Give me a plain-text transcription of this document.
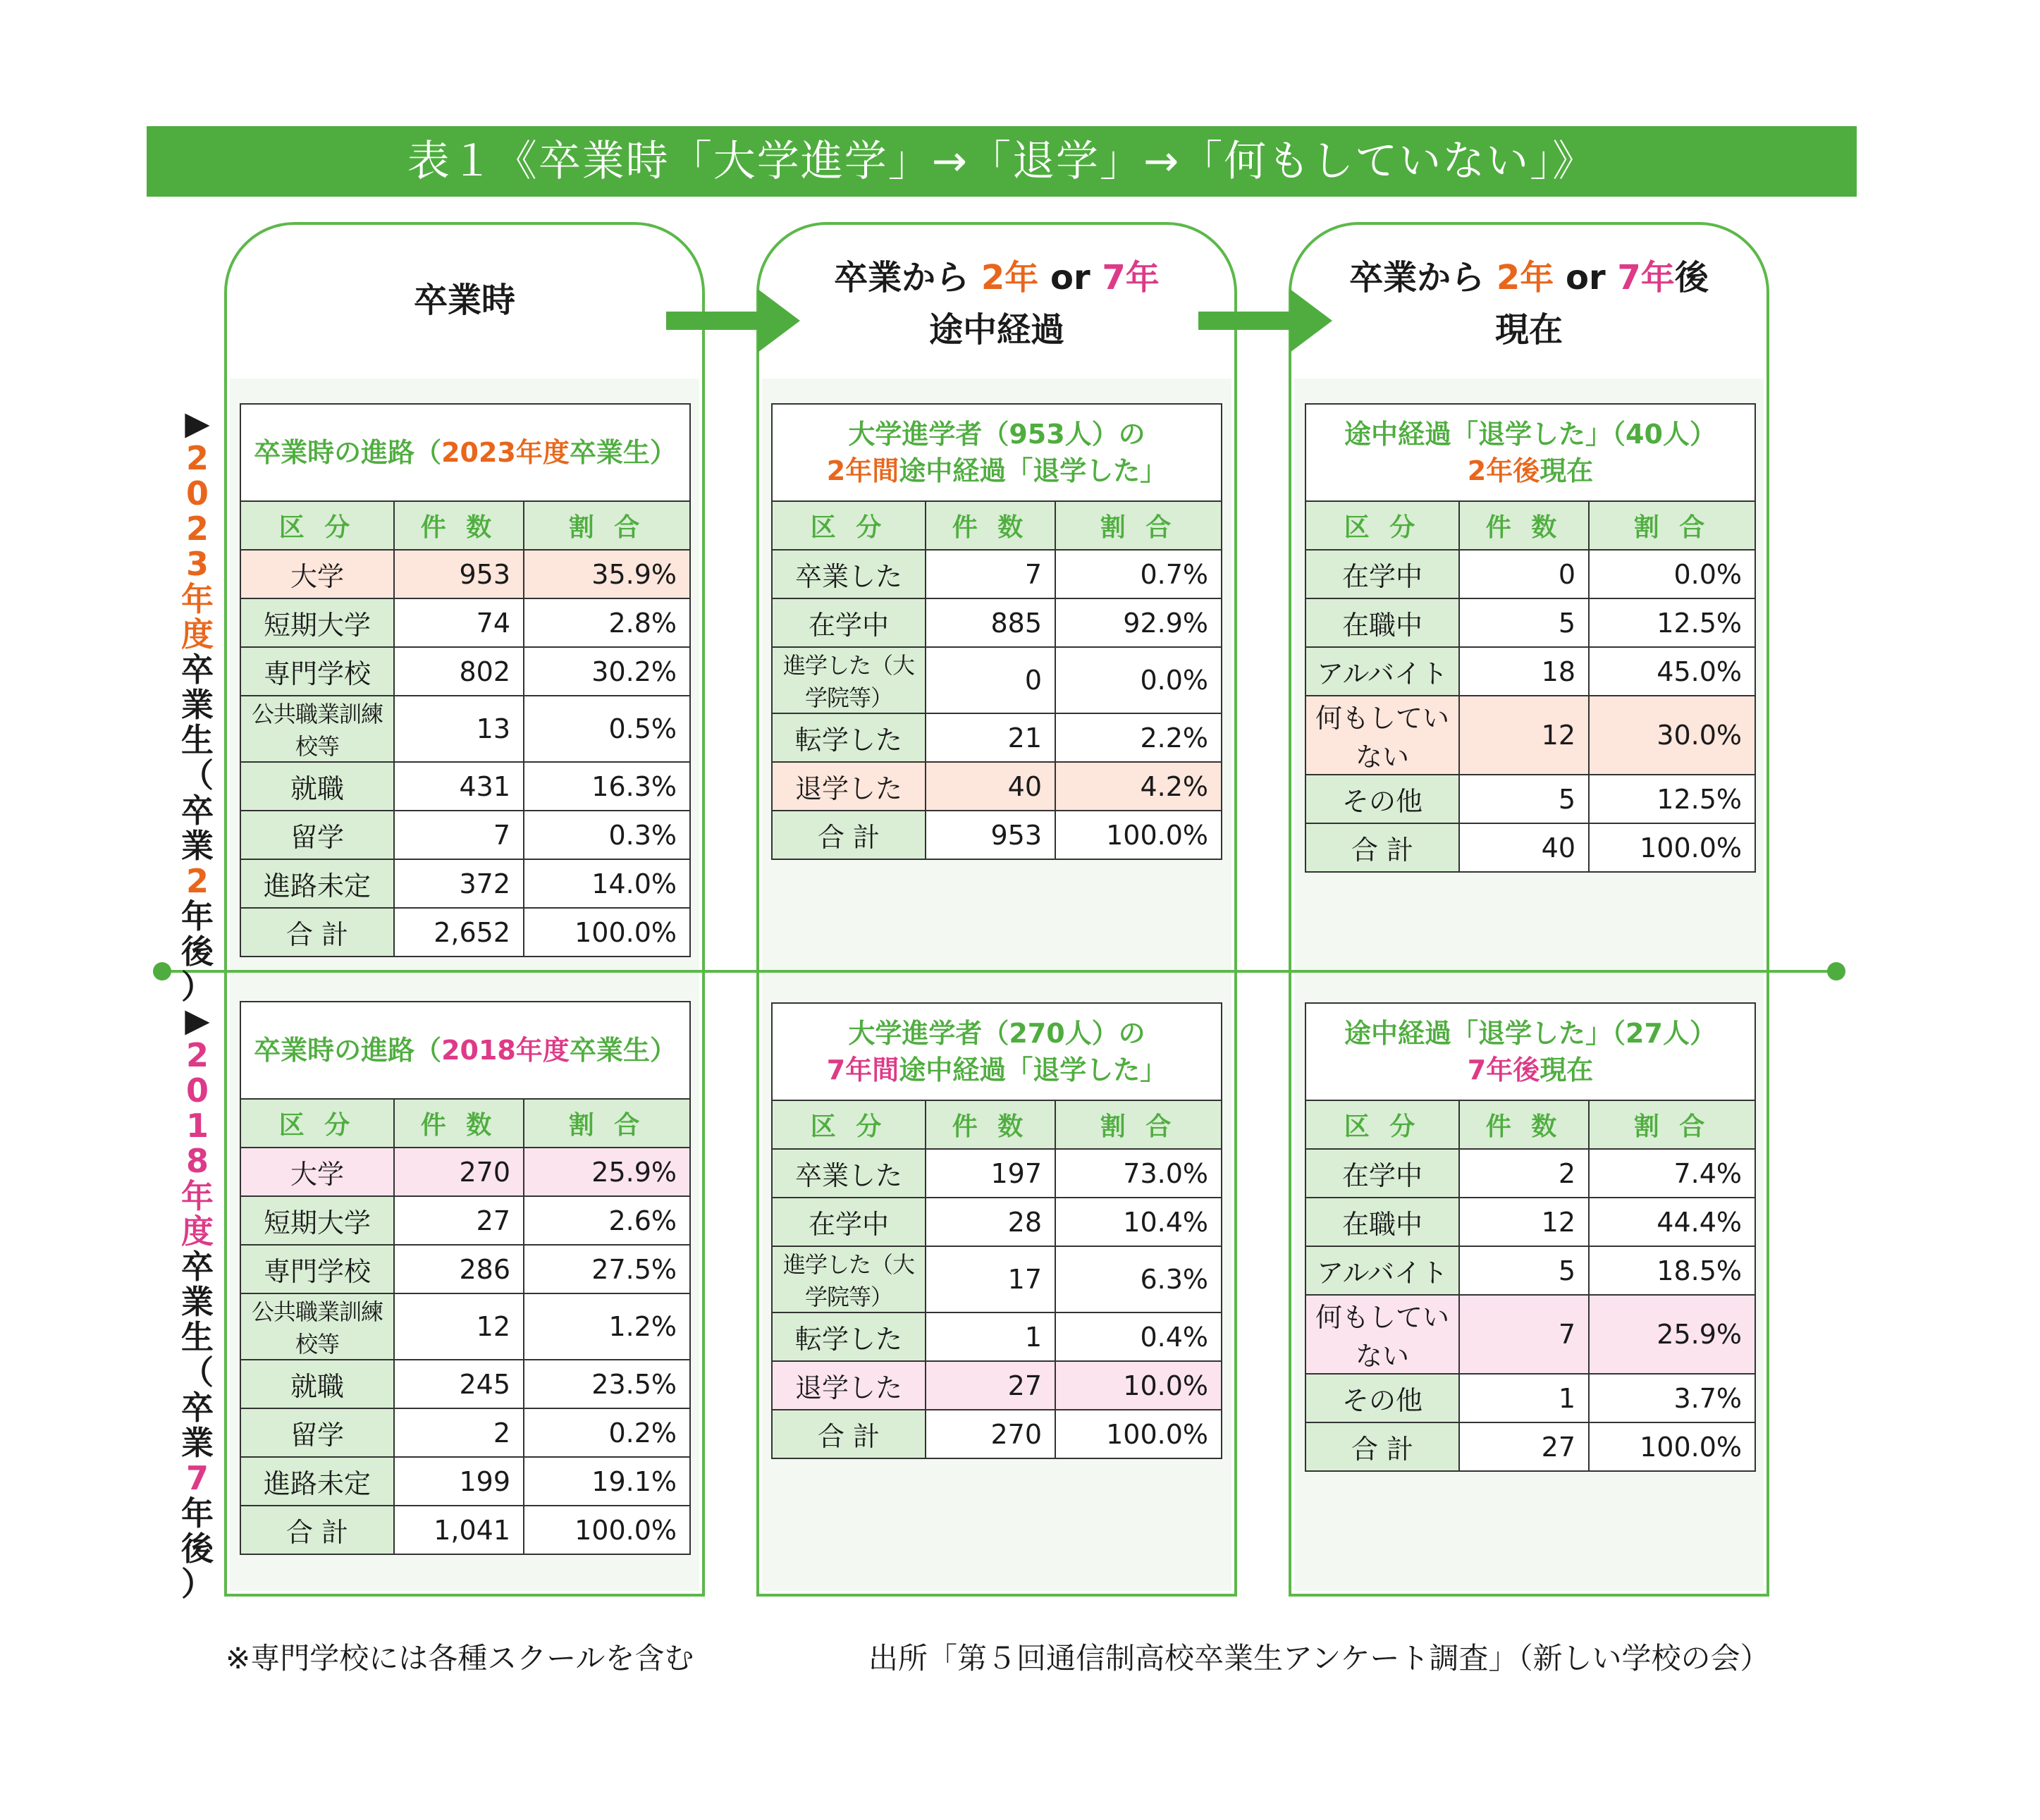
表１《卒業時「大学進学」→「退学」→「何もしていない」》
卒業時
卒業から 2年 or 7年
途中経過
卒業から 2年 or 7年後
現在
▶
2
0
2
3
年
度
卒
業
生
（
卒
業
2
年
後
）
▶
2
0
1
8
年
度
卒
業
生
（
卒
業
7
年
後
）
卒業時の進路（2023年度卒業生）		
区 分	件 数	割 合
大学	953	35.9%
短期大学	74	2.8%
専門学校	802	30.2%
公共職業訓練校等	13	0.5%
就職	431	16.3%
留学	7	0.3%
進路未定	372	14.0%
合 計	2,652	100.0%
大学進学者（953人）の
2年間途中経過「退学した」		
区 分	件 数	割 合
卒業した	7	0.7%
在学中	885	92.9%
進学した（大学院等）	0	0.0%
転学した	21	2.2%
退学した	40	4.2%
合 計	953	100.0%
途中経過「退学した」（40人）
2年後現在		
区 分	件 数	割 合
在学中	0	0.0%
在職中	5	12.5%
アルバイト	18	45.0%
何もしていない	12	30.0%
その他	5	12.5%
合 計	40	100.0%
卒業時の進路（2018年度卒業生）		
区 分	件 数	割 合
大学	270	25.9%
短期大学	27	2.6%
専門学校	286	27.5%
公共職業訓練校等	12	1.2%
就職	245	23.5%
留学	2	0.2%
進路未定	199	19.1%
合 計	1,041	100.0%
大学進学者（270人）の
7年間途中経過「退学した」		
区 分	件 数	割 合
卒業した	197	73.0%
在学中	28	10.4%
進学した（大学院等）	17	6.3%
転学した	1	0.4%
退学した	27	10.0%
合 計	270	100.0%
途中経過「退学した」（27人）
7年後現在		
区 分	件 数	割 合
在学中	2	7.4%
在職中	12	44.4%
アルバイト	5	18.5%
何もしていない	7	25.9%
その他	1	3.7%
合 計	27	100.0%
※専門学校には各種スクールを含む	出所「第５回通信制高校卒業生アンケート調査」（新しい学校の会）
